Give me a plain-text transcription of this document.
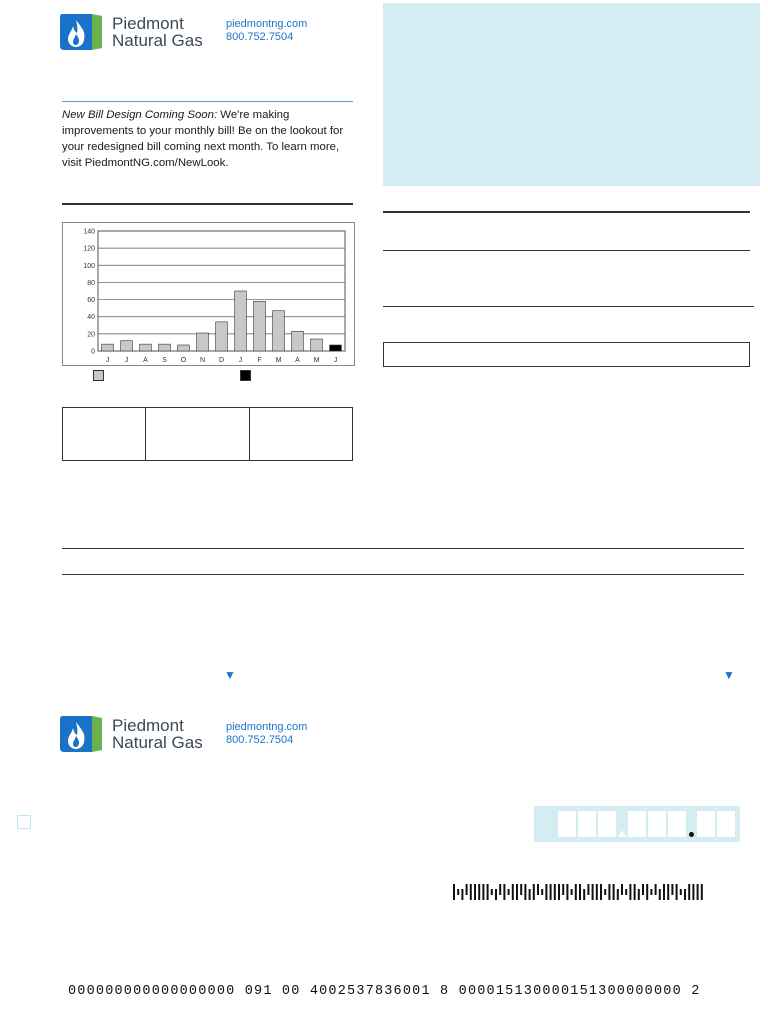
Piedmont
Natural Gas
piedmontng.com
800.752.7504
New Bill Design Coming Soon: We're making improvements to your monthly bill! Be on the lookout for your redesigned bill coming next month. To learn more, visit PiedmontNG.com/NewLook.
140
120
100
80
60
40
20
0
J J A S O N D J F M A M J
▼	▼
Piedmont
Natural Gas
piedmontng.com
800.752.7504
000000000000000000 091 00 4002537836001 8 000015130000151300000000 2
